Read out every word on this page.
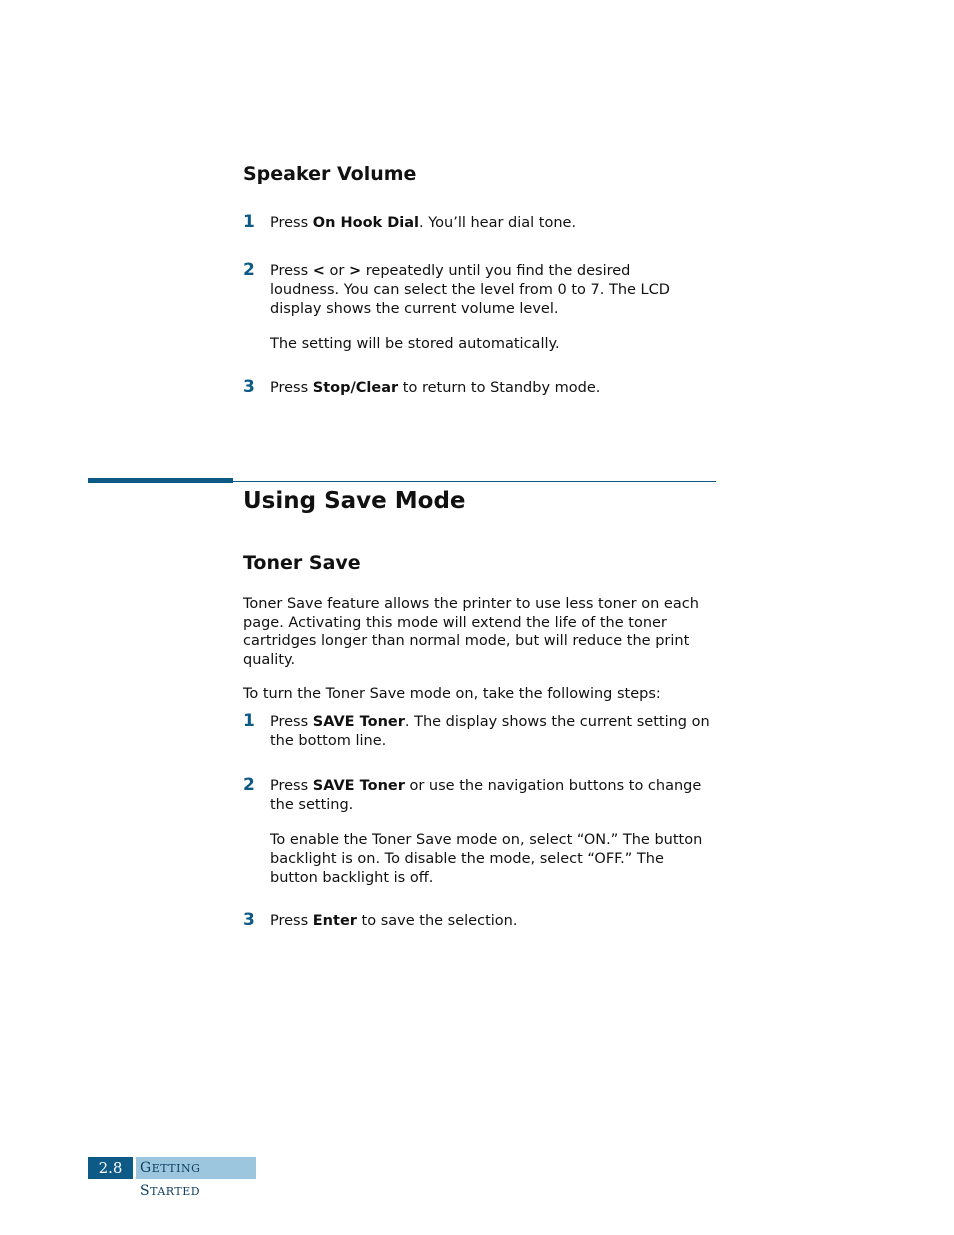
Speaker Volume
1 Press On Hook Dial. You’ll hear dial tone.
2 Press < or > repeatedly until you find the desired loudness. You can select the level from 0 to 7. The LCD display shows the current volume level.
The setting will be stored automatically.
3 Press Stop/Clear to return to Standby mode.
Using Save Mode
Toner Save
Toner Save feature allows the printer to use less toner on each page. Activating this mode will extend the life of the toner cartridges longer than normal mode, but will reduce the print quality.
To turn the Toner Save mode on, take the following steps:
1 Press SAVE Toner. The display shows the current setting on the bottom line.
2 Press SAVE Toner or use the navigation buttons to change the setting.
To enable the Toner Save mode on, select “ON.” The button backlight is on. To disable the mode, select “OFF.” The button backlight is off.
3 Press Enter to save the selection.
2.8	GETTING STARTED
